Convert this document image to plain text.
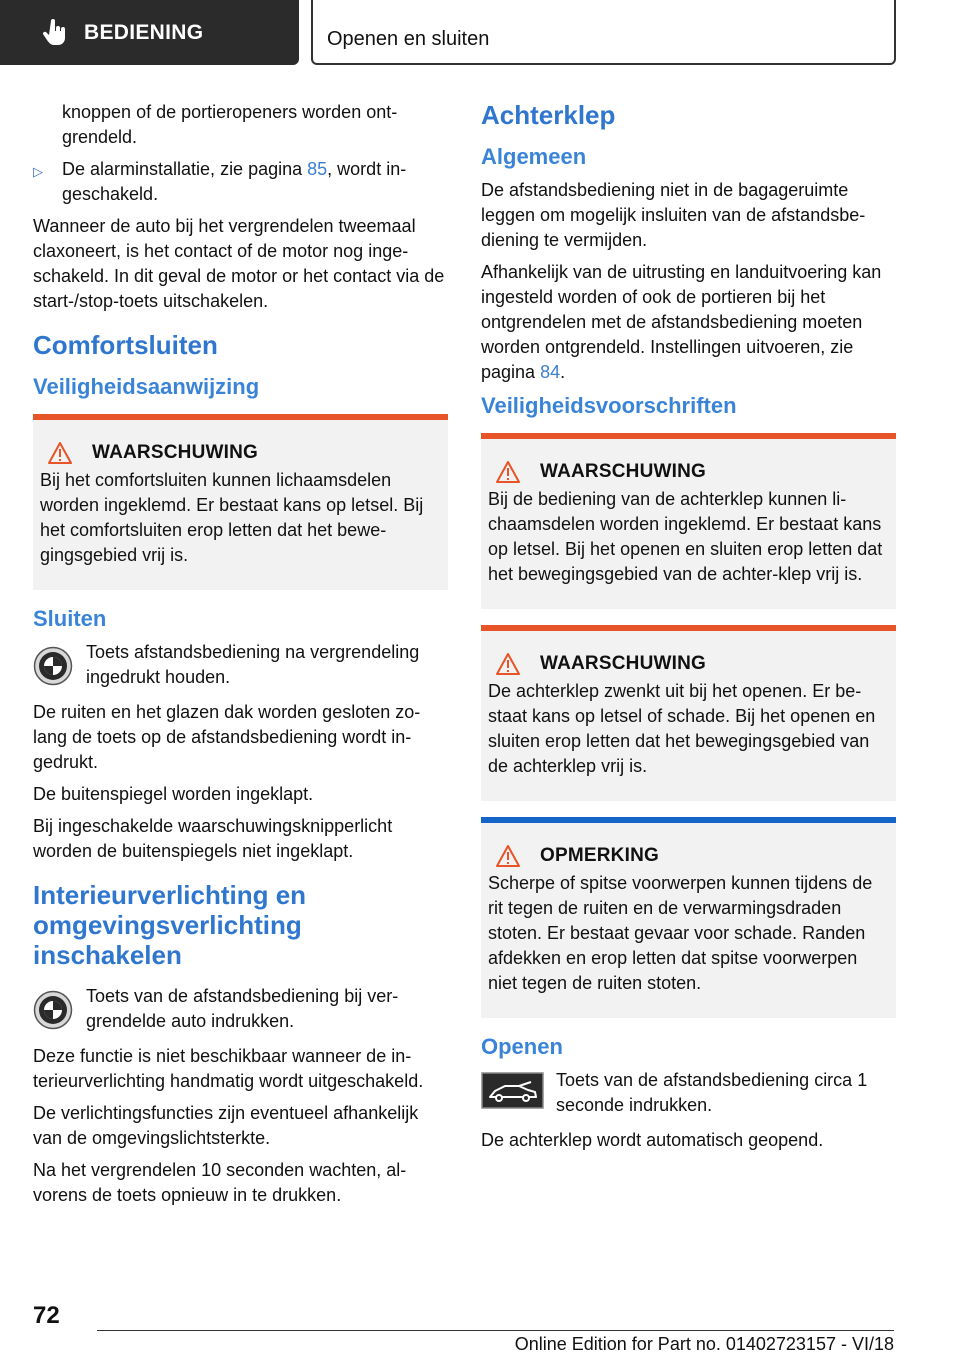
BEDIENING	Openen en sluiten

knoppen of de portieropeners worden ont‐grendeld.

▷ De alarminstallatie, zie pagina 85, wordt in‐geschakeld.

Wanneer de auto bij het vergrendelen tweemaal claxoneert, is het contact of de motor nog inge‐schakeld. In dit geval de motor or het contact via de start-/stop-toets uitschakelen.

Comfortsluiten
Veiligheidsaanwijzing
WAARSCHUWING

Bij het comfortsluiten kunnen lichaamsdelen worden ingeklemd. Er bestaat kans op letsel. Bij het comfortsluiten erop letten dat het bewe‐gingsgebied vrij is.

Sluiten

Toets afstandsbediening na vergrendeling ingedrukt houden.

De ruiten en het glazen dak worden gesloten zo‐lang de toets op de afstandsbediening wordt in‐gedrukt.

De buitenspiegel worden ingeklapt.

Bij ingeschakelde waarschuwingsknipperlicht worden de buitenspiegels niet ingeklapt.

Interieurverlichting en omgevingsverlichting inschakelen

Toets van de afstandsbediening bij ver‐grendelde auto indrukken.

Deze functie is niet beschikbaar wanneer de in‐terieurverlichting handmatig wordt uitgeschakeld.

De verlichtingsfuncties zijn eventueel afhankelijk van de omgevingslichtsterkte.

Na het vergrendelen 10 seconden wachten, al‐vorens de toets opnieuw in te drukken.

Achterklep
Algemeen

De afstandsbediening niet in de bagageruimte leggen om mogelijk insluiten van de afstandsbe‐diening te vermijden.

Afhankelijk van de uitrusting en landuitvoering kan ingesteld worden of ook de portieren bij het ontgrendelen met de afstandsbediening moeten worden ontgrendeld. Instellingen uitvoeren, zie pagina 84.

Veiligheidsvoorschriften
WAARSCHUWING

Bij de bediening van de achterklep kunnen li‐chaamsdelen worden ingeklemd. Er bestaat kans op letsel. Bij het openen en sluiten erop letten dat het bewegingsgebied van de achter‐klep vrij is.

WAARSCHUWING

De achterklep zwenkt uit bij het openen. Er be‐staat kans op letsel of schade. Bij het openen en sluiten erop letten dat het bewegingsgebied van de achterklep vrij is.

OPMERKING

Scherpe of spitse voorwerpen kunnen tijdens de rit tegen de ruiten en de verwarmingsdraden stoten. Er bestaat gevaar voor schade. Randen afdekken en erop letten dat spitse voorwerpen niet tegen de ruiten stoten.

Openen

Toets van de afstandsbediening circa 1 seconde indrukken.

De achterklep wordt automatisch geopend.

72
Online Edition for Part no. 01402723157 - VI/18
